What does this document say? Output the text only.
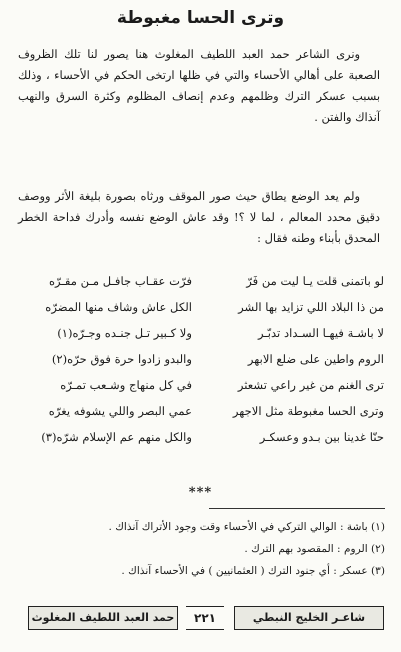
وترى الحسا مغبوطة
ونرى الشاعر حمد العبد اللطيف المغلوث هنا يصور لنا تلك الظروف الصعبة على أهالي الأحساء والتي في ظلها ارتخى الحكم في الأحساء ، وذلك بسبب عسكر الترك وظلمهم وعدم إنصاف المظلوم وكثرة السرق والنهب آنذاك والفتن .
ولم يعد الوضع يطاق حيث صور الموقف ورثاه بصورة بليغة الأثر ووصف دقيق محدد المعالم ، لما لا ؟! وقد عاش الوضع نفسه وأدرك فداحة الخطر المحدق بأبناء وطنه فقال :
لو باتمنى قلت يـا ليت من فَرّ
من ذا البلاد اللي تزايد بها الشر
لا باشـة فيهـا السـداد تدبّـر
الروم واطين على ضلع الابهر
ترى الغنم من غير راعي تشعثر
وترى الحسا مغبوطة مثل الاجهر
حنّا غدينا بين بـدو وعسكـر
فرّت عقـاب جافـل مـن مقـرّه
الكل عاش وشاف منها المضرّه
ولا كـبير تـل جنـده وجـرّه(١)
والبدو زادوا حرة فوق حرّه(٢)
في كل منهاج وشـعب تمـرّه
عمي البصر واللي يشوفه يغرّه
والكل منهم عم الإسلام شرّه(٣)
***
(١) باشة : الوالي التركي في الأحساء وقت وجود الأتراك آنذاك .
(٢) الروم : المقصود بهم الترك .
(٣) عسكر : أي جنود الترك ( العثمانيين ) في الأحساء آنذاك .
شاعـر الخليج النبطي
٢٢١
حمد العبد اللطيف المغلوث
